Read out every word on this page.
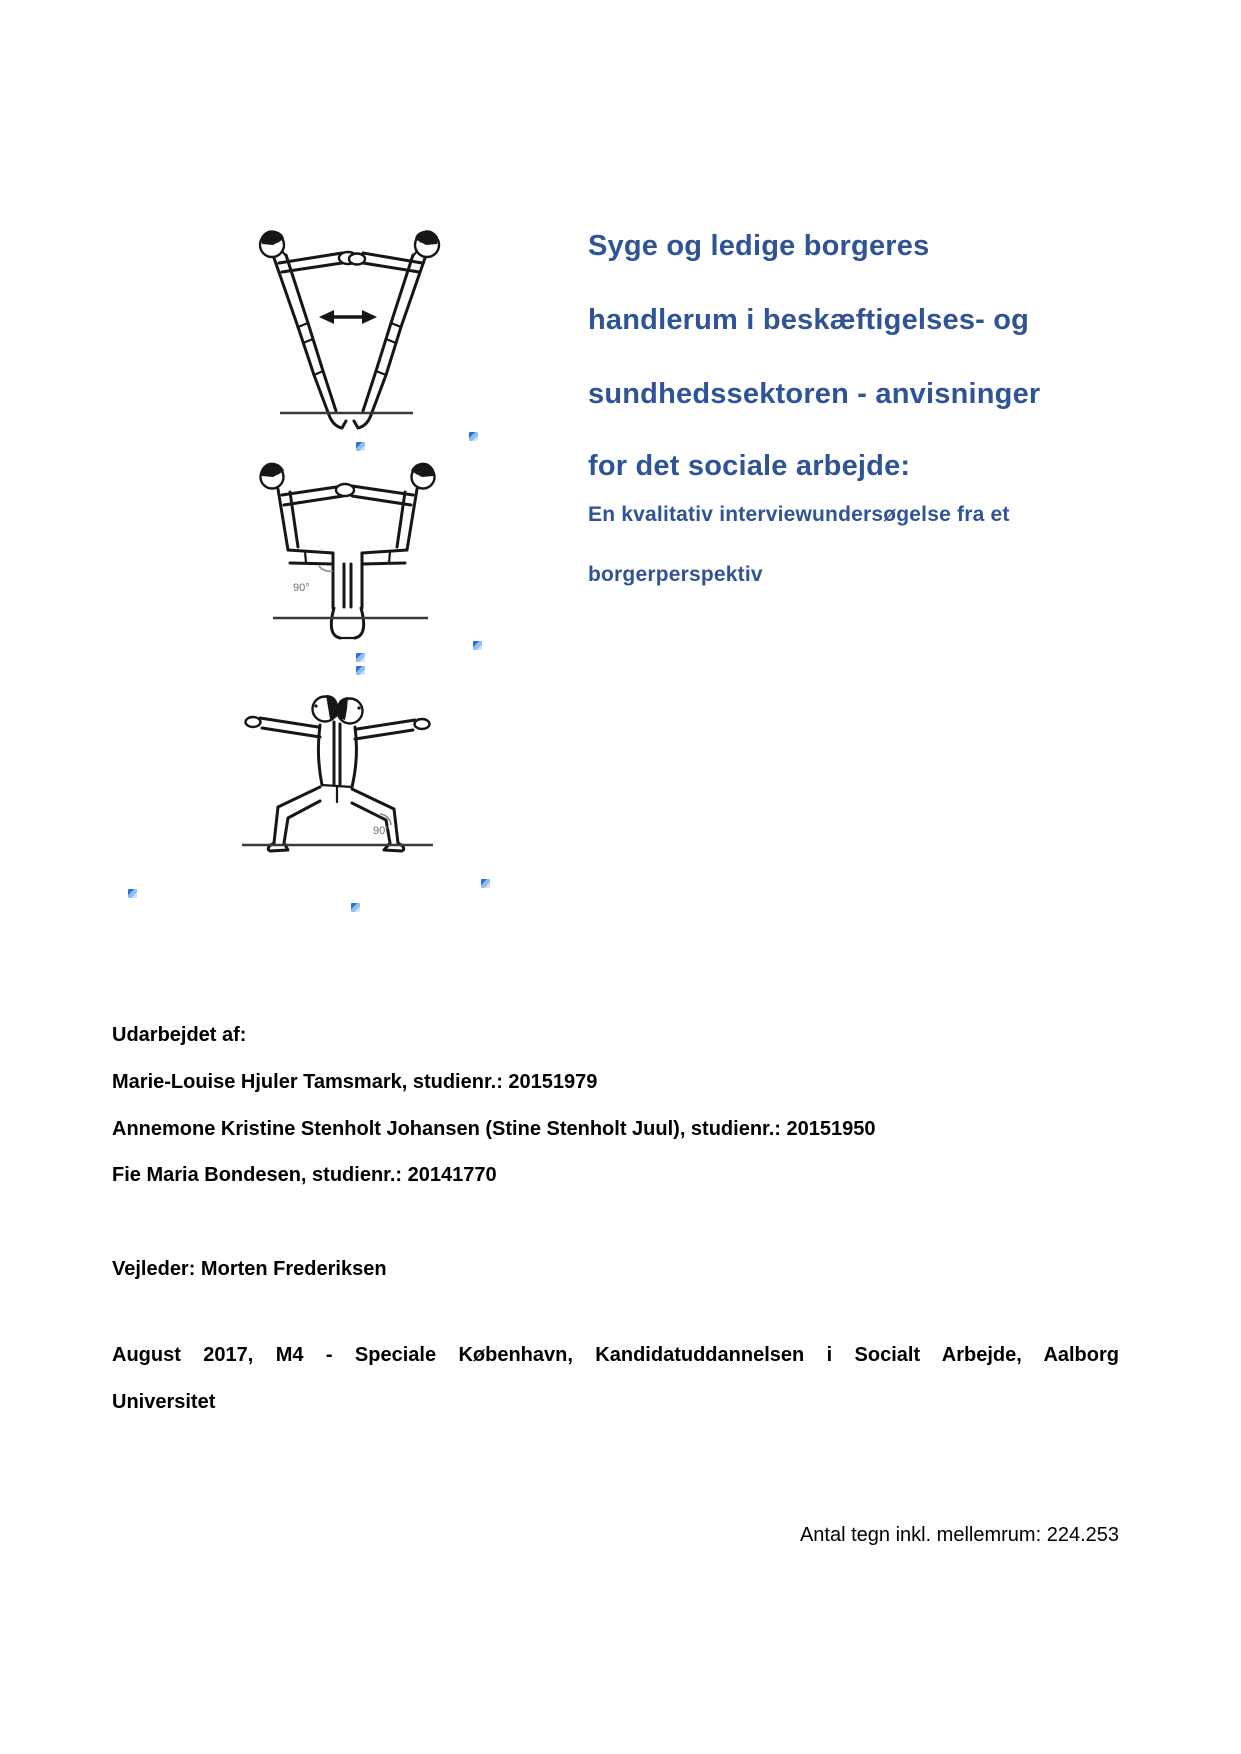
90°
90°
Syge og ledige borgeres
handlerum i beskæftigelses- og
sundhedssektoren - anvisninger
for det sociale arbejde:
En kvalitativ interviewundersøgelse fra et
borgerperspektiv
Udarbejdet af:
Marie-Louise Hjuler Tamsmark, studienr.: 20151979
Annemone Kristine Stenholt Johansen (Stine Stenholt Juul), studienr.: 20151950
Fie Maria Bondesen, studienr.: 20141770
Vejleder: Morten Frederiksen
August 2017, M4 - Speciale København, Kandidatuddannelsen i Socialt Arbejde, Aalborg
Universitet
Antal tegn inkl. mellemrum: 224.253
